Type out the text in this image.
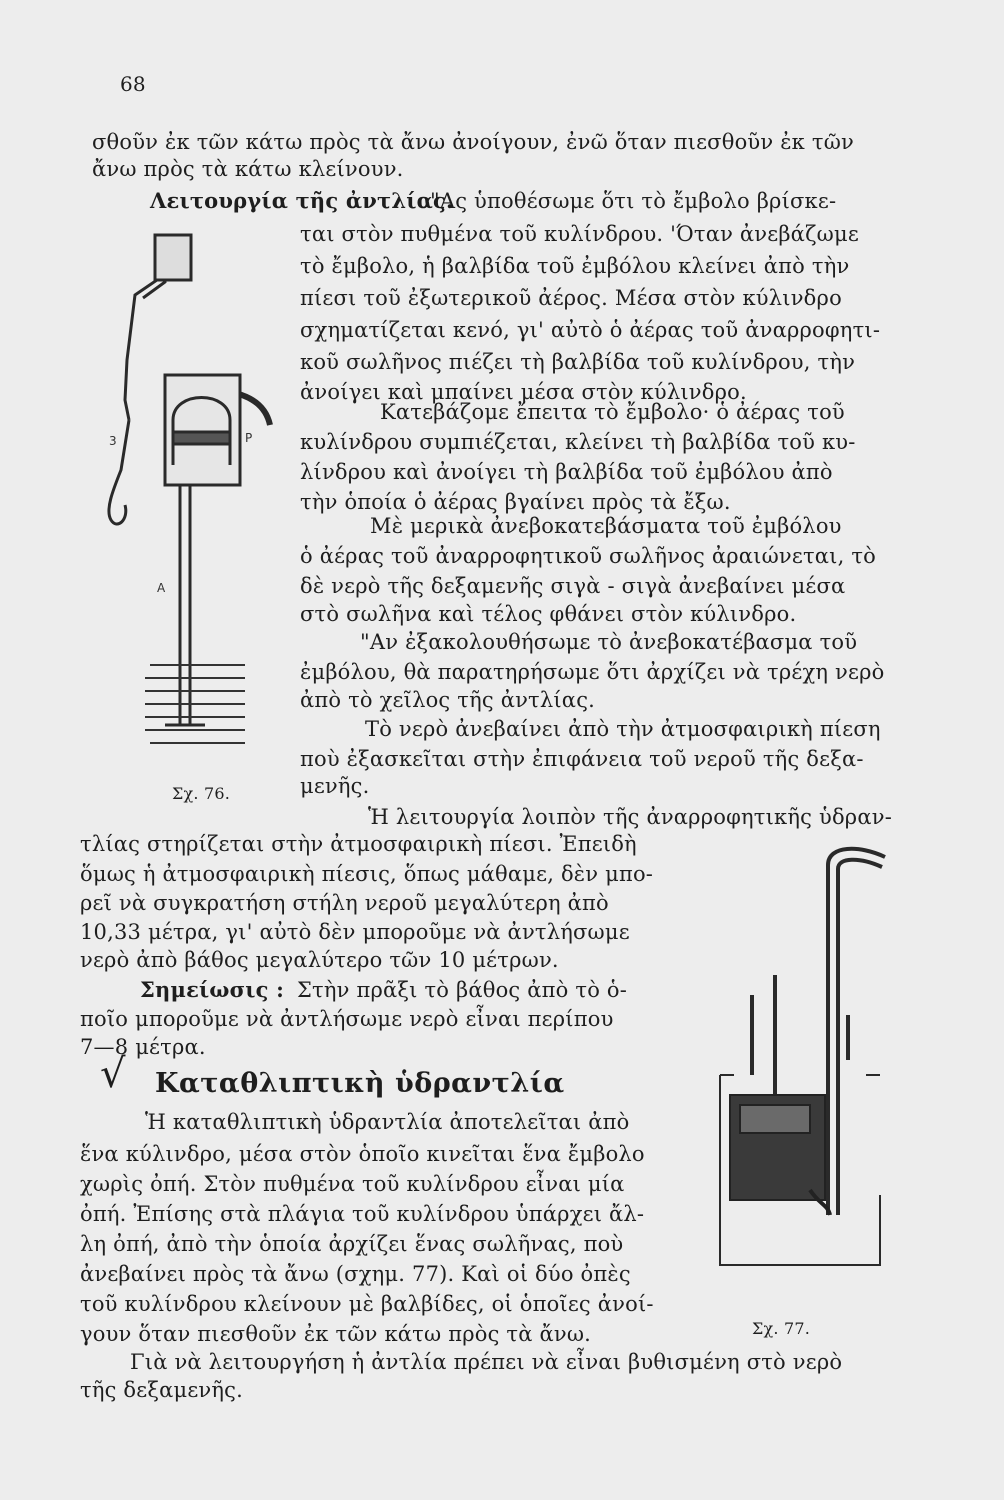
68
σθοῦν ἐκ τῶν κάτω πρὸς τὰ ἄνω ἀνοίγουν, ἐνῶ ὅταν πιεσθοῦν ἐκ τῶν
ἄνω πρὸς τὰ κάτω κλείνουν.
Λειτουργία τῆς ἀντλίας.
"Ας ὑποθέσωμε ὅτι τὸ ἔμβολο βρίσκε-
ται στὸν πυθμένα τοῦ κυλίνδρου. 'Όταν ἀνεβάζωμε
τὸ ἔμβολο, ἡ βαλβίδα τοῦ ἐμβόλου κλείνει ἀπὸ τὴν
πίεσι τοῦ ἐξωτερικοῦ ἀέρος. Μέσα στὸν κύλινδρο
σχηματίζεται κενό, γι' αὐτὸ ὁ ἀέρας τοῦ ἀναρροφητι-
κοῦ σωλῆνος πιέζει τὴ βαλβίδα τοῦ κυλίνδρου, τὴν
ἀνοίγει καὶ μπαίνει μέσα στὸν κύλινδρο.
Κατεβάζομε ἔπειτα τὸ ἔμβολο· ὁ ἀέρας τοῦ
κυλίνδρου συμπιέζεται, κλείνει τὴ βαλβίδα τοῦ κυ-
λίνδρου καὶ ἀνοίγει τὴ βαλβίδα τοῦ ἐμβόλου ἀπὸ
τὴν ὁποία ὁ ἀέρας βγαίνει πρὸς τὰ ἔξω.
Μὲ μερικὰ ἀνεβοκατεβάσματα τοῦ ἐμβόλου
ὁ ἀέρας τοῦ ἀναρροφητικοῦ σωλῆνος ἀραιώνεται, τὸ
δὲ νερὸ τῆς δεξαμενῆς σιγὰ - σιγὰ ἀνεβαίνει μέσα
στὸ σωλῆνα καὶ τέλος φθάνει στὸν κύλινδρο.
"Αν ἐξακολουθήσωμε τὸ ἀνεβοκατέβασμα τοῦ
ἐμβόλου, θὰ παρατηρήσωμε ὅτι ἀρχίζει νὰ τρέχη νερὸ
ἀπὸ τὸ χεῖλος τῆς ἀντλίας.
Τὸ νερὸ ἀνεβαίνει ἀπὸ τὴν ἀτμοσφαιρικὴ πίεση
ποὺ ἐξασκεῖται στὴν ἐπιφάνεια τοῦ νεροῦ τῆς δεξα-
μενῆς.
P
3
A
Σχ. 76.
Ἡ λειτουργία λοιπὸν τῆς ἀναρροφητικῆς ὑδραν-
τλίας στηρίζεται στὴν ἀτμοσφαιρικὴ πίεσι. Ἐπειδὴ
ὅμως ἡ ἀτμοσφαιρικὴ πίεσις, ὅπως μάθαμε, δὲν μπο-
ρεῖ νὰ συγκρατήση στήλη νεροῦ μεγαλύτερη ἀπὸ
10,33 μέτρα, γι' αὐτὸ δὲν μποροῦμε νὰ ἀντλήσωμε
νερὸ ἀπὸ βάθος μεγαλύτερο τῶν 10 μέτρων.
Σημείωσις : Στὴν πρᾶξι τὸ βάθος ἀπὸ τὸ ὁ-
ποῖο μποροῦμε νὰ ἀντλήσωμε νερὸ εἶναι περίπου
7—8 μέτρα.
Σχ. 77.
√ Καταθλιπτικὴ ὑδραντλία
Ἡ καταθλιπτικὴ ὑδραντλία ἀποτελεῖται ἀπὸ
ἕνα κύλινδρο, μέσα στὸν ὁποῖο κινεῖται ἕνα ἔμβολο
χωρὶς ὀπή. Στὸν πυθμένα τοῦ κυλίνδρου εἶναι μία
ὀπή. Ἐπίσης στὰ πλάγια τοῦ κυλίνδρου ὑπάρχει ἄλ-
λη ὀπή, ἀπὸ τὴν ὁποία ἀρχίζει ἕνας σωλῆνας, ποὺ
ἀνεβαίνει πρὸς τὰ ἄνω (σχημ. 77). Καὶ οἱ δύο ὀπὲς
τοῦ κυλίνδρου κλείνουν μὲ βαλβίδες, οἱ ὁποῖες ἀνοί-
γουν ὅταν πιεσθοῦν ἐκ τῶν κάτω πρὸς τὰ ἄνω.
Γιὰ νὰ λειτουργήση ἡ ἀντλία πρέπει νὰ εἶναι βυθισμένη στὸ νερὸ
τῆς δεξαμενῆς.
